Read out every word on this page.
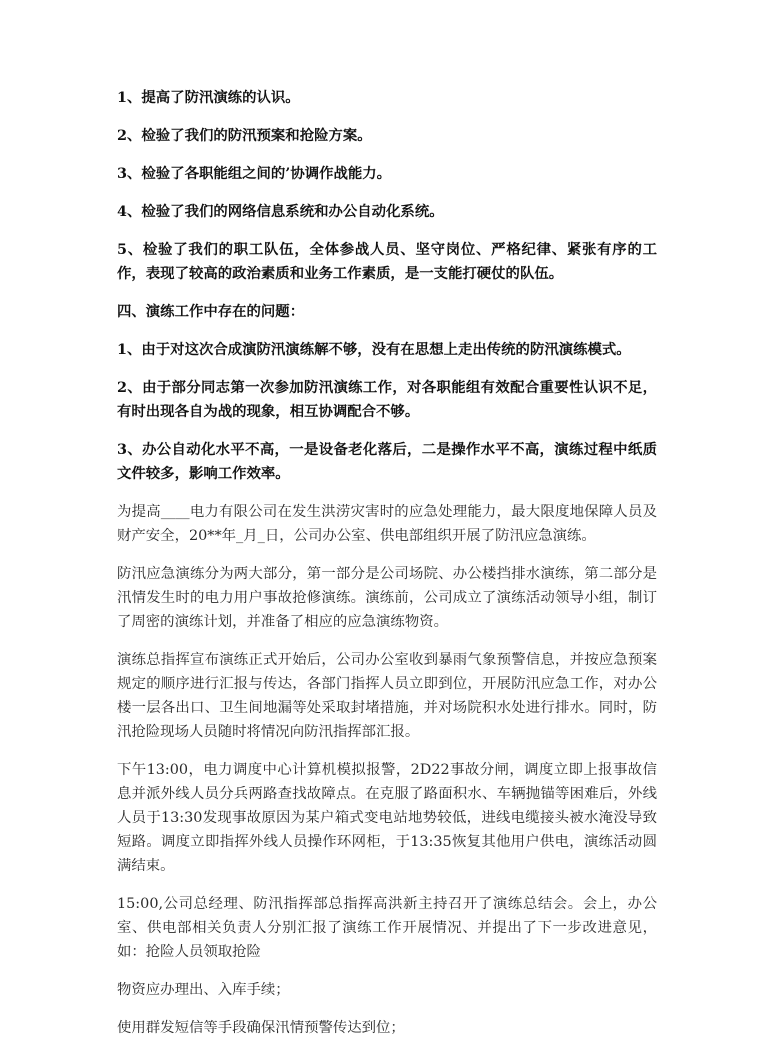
1、提高了防汛演练的认识。

2、检验了我们的防汛预案和抢险方案。

3、检验了各职能组之间的’协调作战能力。

4、检验了我们的网络信息系统和办公自动化系统。

5、检验了我们的职工队伍，全体参战人员、坚守岗位、严格纪律、紧张有序的工作，表现了较高的政治素质和业务工作素质，是一支能打硬仗的队伍。

四、演练工作中存在的问题：

1、由于对这次合成演防汛演练解不够，没有在思想上走出传统的防汛演练模式。

2、由于部分同志第一次参加防汛演练工作，对各职能组有效配合重要性认识不足，有时出现各自为战的现象，相互协调配合不够。

3、办公自动化水平不高，一是设备老化落后，二是操作水平不高，演练过程中纸质文件较多，影响工作效率。

为提高____电力有限公司在发生洪涝灾害时的应急处理能力，最大限度地保障人员及财产安全，20**年_月_日，公司办公室、供电部组织开展了防汛应急演练。

防汛应急演练分为两大部分，第一部分是公司场院、办公楼挡排水演练，第二部分是汛情发生时的电力用户事故抢修演练。演练前，公司成立了演练活动领导小组，制订了周密的演练计划，并准备了相应的应急演练物资。

演练总指挥宣布演练正式开始后，公司办公室收到暴雨气象预警信息，并按应急预案规定的顺序进行汇报与传达，各部门指挥人员立即到位，开展防汛应急工作，对办公楼一层各出口、卫生间地漏等处采取封堵措施，并对场院积水处进行排水。同时，防汛抢险现场人员随时将情况向防汛指挥部汇报。

下午13:00，电力调度中心计算机模拟报警，2D22事故分闸，调度立即上报事故信息并派外线人员分兵两路查找故障点。在克服了路面积水、车辆抛锚等困难后，外线人员于13:30发现事故原因为某户箱式变电站地势较低，进线电缆接头被水淹没导致短路。调度立即指挥外线人员操作环网柜，于13:35恢复其他用户供电，演练活动圆满结束。

15:00,公司总经理、防汛指挥部总指挥高洪新主持召开了演练总结会。会上，办公室、供电部相关负责人分别汇报了演练工作开展情况、并提出了下一步改进意见，如：抢险人员领取抢险

物资应办理出、入库手续；

使用群发短信等手段确保汛情预警传达到位；
